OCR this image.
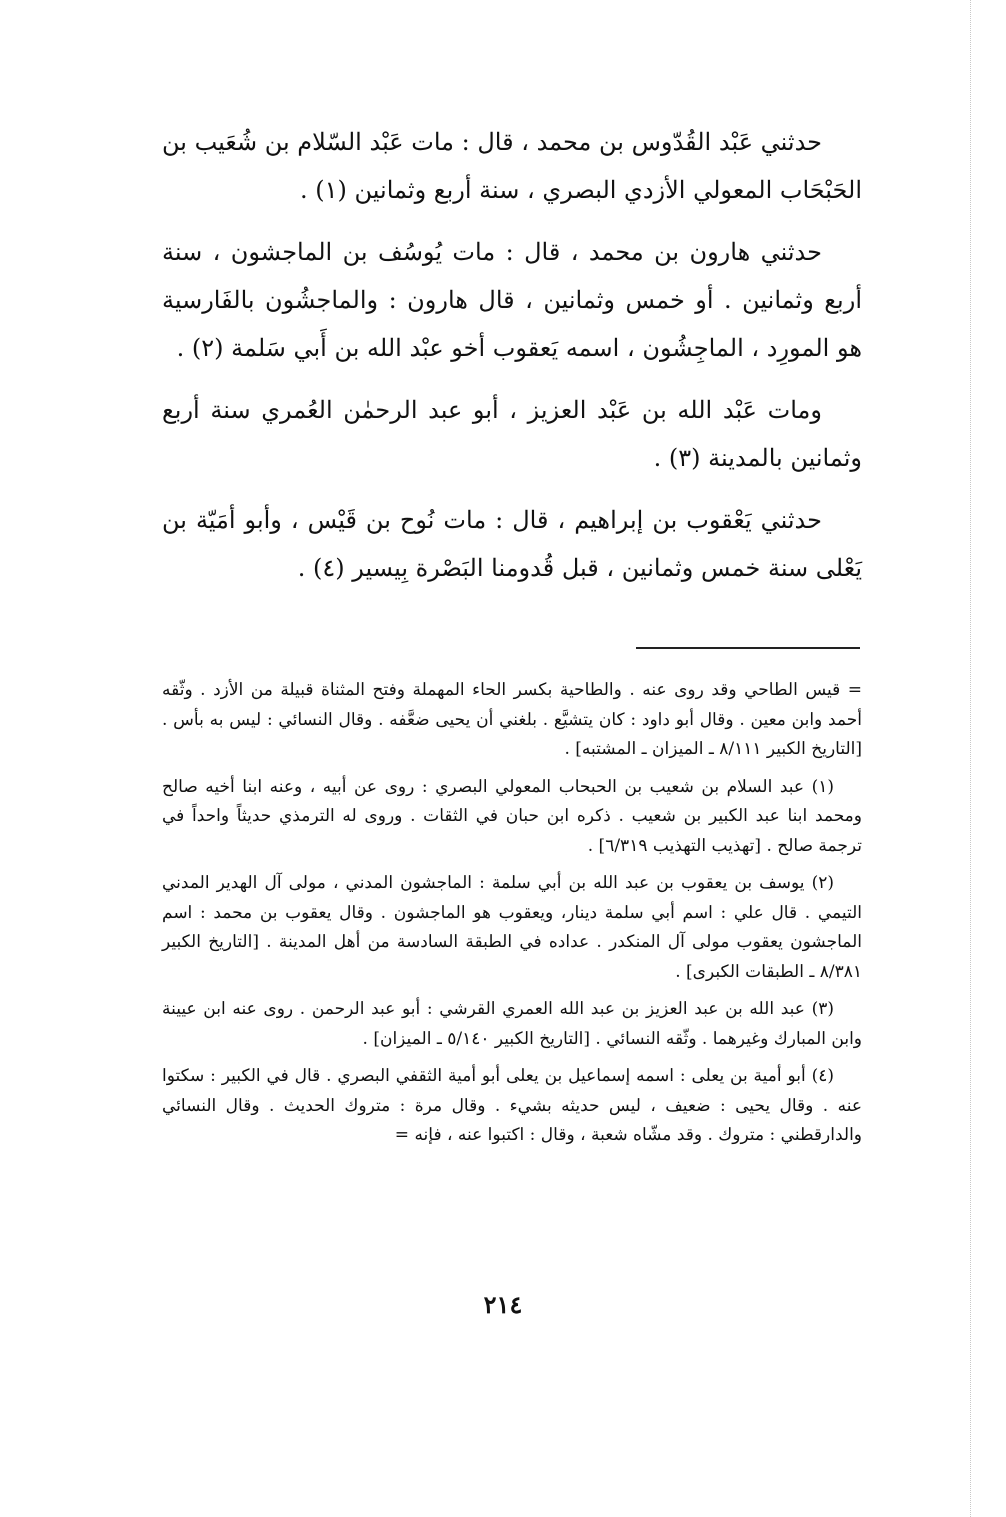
حدثني عَبْد القُدّوس بن محمد ، قال : مات عَبْد السّلام بن شُعَيب بن الحَبْحَاب المعولي الأزدي البصري ، سنة أربع وثمانين (١) .

حدثني هارون بن محمد ، قال : مات يُوسُف بن الماجشون ، سنة أربع وثمانين . أو خمس وثمانين ، قال هارون : والماجشُون بالفَارسية هو المورِد ، الماجِشُون ، اسمه يَعقوب أخو عبْد الله بن أَبي سَلمة (٢) .

ومات عَبْد الله بن عَبْد العزيز ، أبو عبد الرحمٰن العُمري سنة أربع وثمانين بالمدينة (٣) .

حدثني يَعْقوب بن إبراهيم ، قال : مات نُوح بن قَيْس ، وأبو أمَيّة بن يَعْلى سنة خمس وثمانين ، قبل قُدومنا البَصْرة بِيسير (٤) .

= قيس الطاحي وقد روى عنه . والطاحية بكسر الحاء المهملة وفتح المثناة قبيلة من الأزد . وثّقه أحمد وابن معين . وقال أبو داود : كان يتشيَّع . بلغني أن يحيى ضعَّفه . وقال النسائي : ليس به بأس . [التاريخ الكبير ٨/١١١ ـ الميزان ـ المشتبه] .

(١) عبد السلام بن شعيب بن الحبحاب المعولي البصري : روى عن أبيه ، وعنه ابنا أخيه صالح ومحمد ابنا عبد الكبير بن شعيب . ذكره ابن حبان في الثقات . وروى له الترمذي حديثاً واحداً في ترجمة صالح . [تهذيب التهذيب ٦/٣١٩] .

(٢) يوسف بن يعقوب بن عبد الله بن أبي سلمة : الماجشون المدني ، مولى آل الهدير المدني التيمي . قال علي : اسم أبي سلمة دينار، ويعقوب هو الماجشون . وقال يعقوب بن محمد : اسم الماجشون يعقوب مولى آل المنكدر . عداده في الطبقة السادسة من أهل المدينة . [التاريخ الكبير ٨/٣٨١ ـ الطبقات الكبرى] .

(٣) عبد الله بن عبد العزيز بن عبد الله العمري القرشي : أبو عبد الرحمن . روى عنه ابن عيينة وابن المبارك وغيرهما . وثّقه النسائي . [التاريخ الكبير ٥/١٤٠ ـ الميزان] .

(٤) أبو أمية بن يعلى : اسمه إسماعيل بن يعلى أبو أمية الثقفي البصري . قال في الكبير : سكتوا عنه . وقال يحيى : ضعيف ، ليس حديثه بشيء . وقال مرة : متروك الحديث . وقال النسائي والدارقطني : متروك . وقد مشّاه شعبة ، وقال : اكتبوا عنه ، فإنه =

٢١٤
